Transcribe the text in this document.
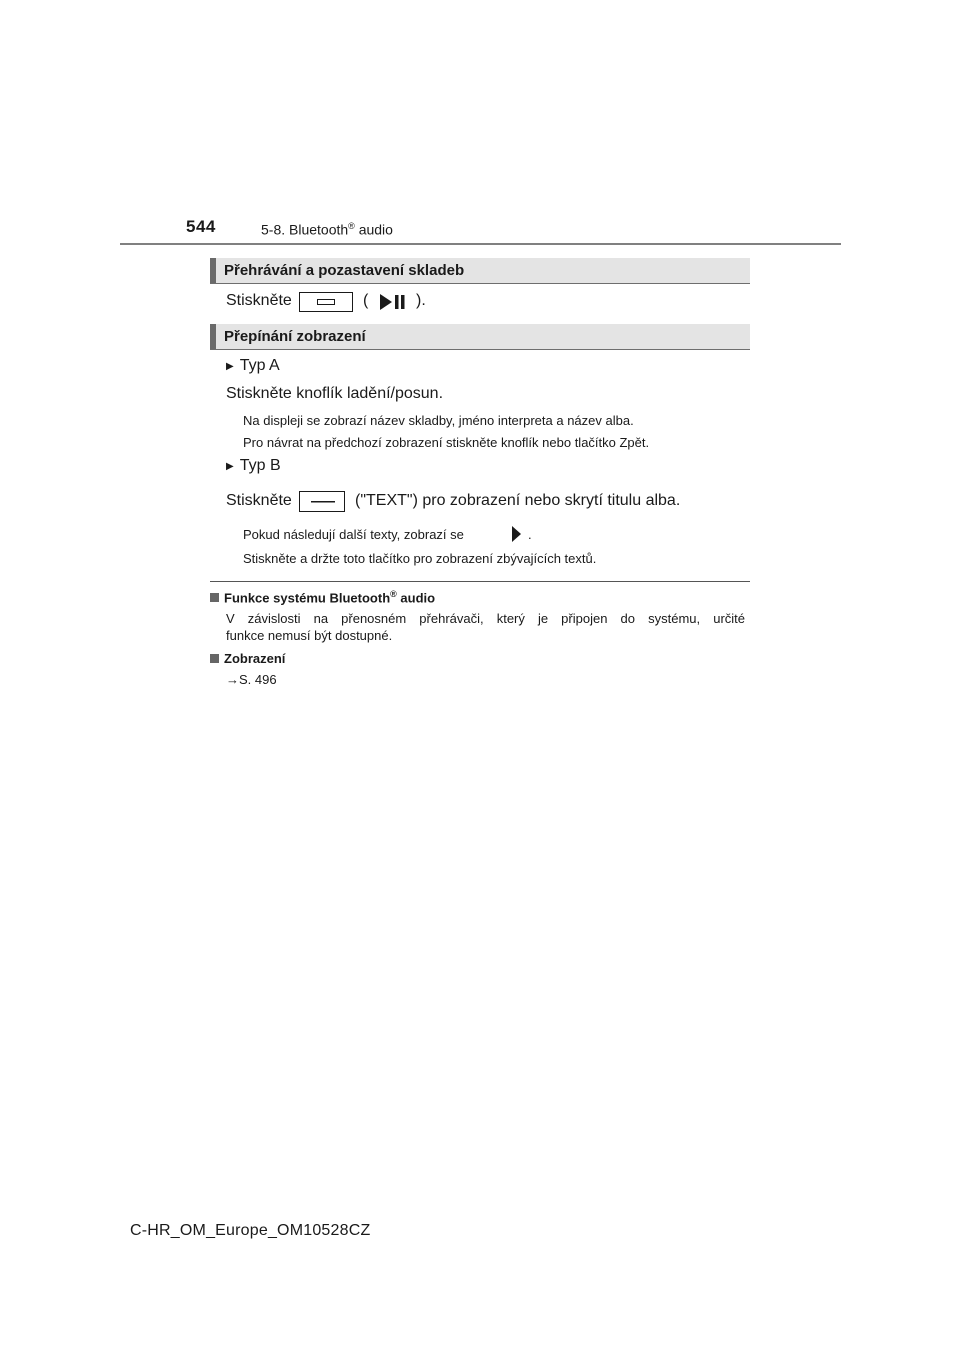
544	5-8. Bluetooth® audio
Přehrávání a pozastavení skladeb
Stiskněte	(	).
Přepínání zobrazení
▶ Typ A
Stiskněte knoflík ladění/posun.
Na displeji se zobrazí název skladby, jméno interpreta a název alba.
Pro návrat na předchozí zobrazení stiskněte knoflík nebo tlačítko Zpět.
▶ Typ B
Stiskněte	("TEXT") pro zobrazení nebo skrytí titulu alba.
Pokud následují další texty, zobrazí se	.
Stiskněte a držte toto tlačítko pro zobrazení zbývajících textů.
Funkce systému Bluetooth® audio
V závislosti na přenosném přehrávači, který je připojen do systému, určité
funkce nemusí být dostupné.
Zobrazení
→S. 496
C-HR_OM_Europe_OM10528CZ
